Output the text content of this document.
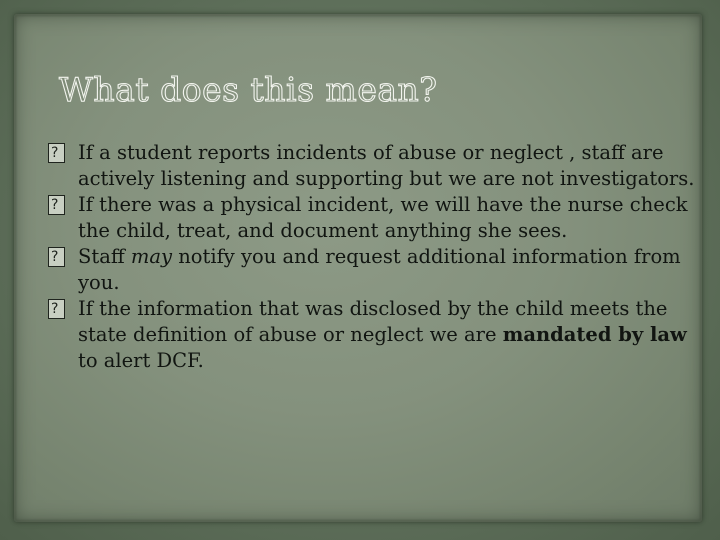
What does this mean?
?
If a student reports incidents of abuse or neglect , staff are actively listening and supporting but we are not investigators.
?
If there was a physical incident, we will have the nurse check the child, treat, and document anything she sees.
?
Staff may notify you and request additional information from you.
?
If the information that was disclosed by the child meets the state definition of abuse or neglect we are mandated by law to alert DCF.
